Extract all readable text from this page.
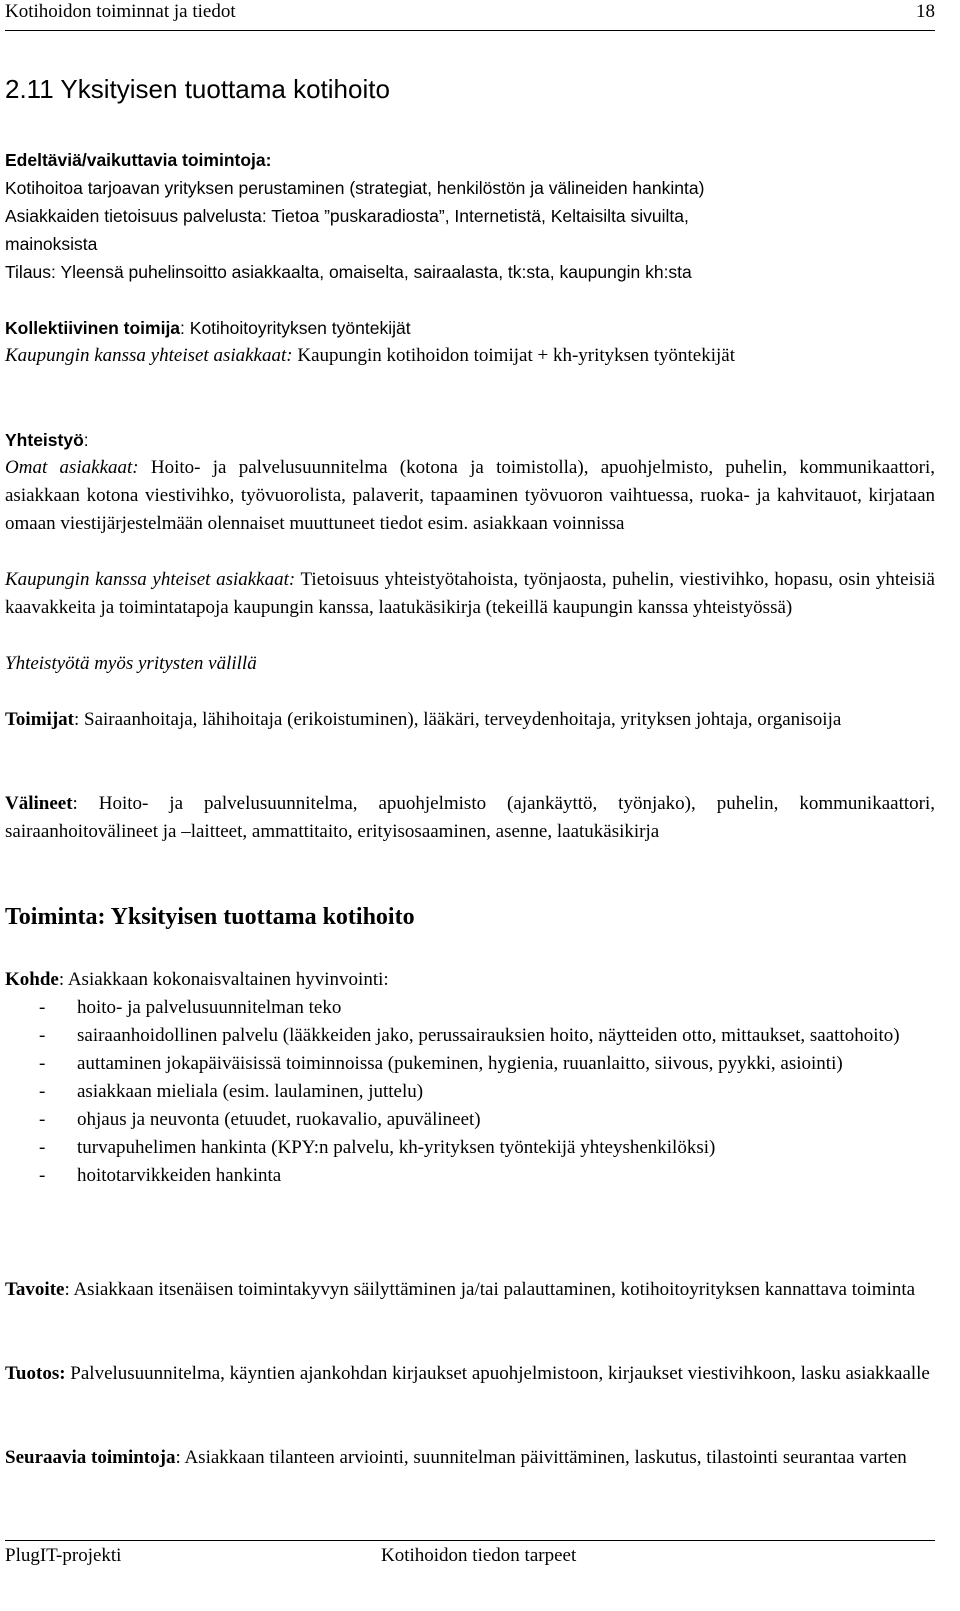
Kotihoidon toiminnat ja tiedot	18
2.11 Yksityisen tuottama kotihoito
Edeltäviä/vaikuttavia toimintoja:
Kotihoitoa tarjoavan yrityksen perustaminen (strategiat, henkilöstön ja välineiden hankinta)
Asiakkaiden tietoisuus palvelusta: Tietoa ”puskaradiosta”, Internetistä, Keltaisilta sivuilta,
mainoksista
Tilaus: Yleensä puhelinsoitto asiakkaalta, omaiselta, sairaalasta, tk:sta, kaupungin kh:sta
Kollektiivinen toimija: Kotihoitoyrityksen työntekijät
Kaupungin kanssa yhteiset asiakkaat: Kaupungin kotihoidon toimijat + kh-yrityksen työntekijät
Yhteistyö:
Omat asiakkaat: Hoito- ja palvelusuunnitelma (kotona ja toimistolla), apuohjelmisto, puhelin, kommunikaattori, asiakkaan kotona viestivihko, työvuorolista, palaverit, tapaaminen työvuoron vaihtuessa, ruoka- ja kahvitauot, kirjataan omaan viestijärjestelmään olennaiset muuttuneet tiedot esim. asiakkaan voinnissa
Kaupungin kanssa yhteiset asiakkaat: Tietoisuus yhteistyötahoista, työnjaosta, puhelin, viestivihko, hopasu, osin yhteisiä kaavakkeita ja toimintatapoja kaupungin kanssa, laatukäsikirja (tekeillä kaupungin kanssa yhteistyössä)
Yhteistyötä myös yritysten välillä
Toimijat: Sairaanhoitaja, lähihoitaja (erikoistuminen), lääkäri, terveydenhoitaja, yrityksen johtaja, organisoija
Välineet: Hoito- ja palvelusuunnitelma, apuohjelmisto (ajankäyttö, työnjako), puhelin, kommunikaattori, sairaanhoitovälineet ja –laitteet, ammattitaito, erityisosaaminen, asenne, laatukäsikirja
Toiminta: Yksityisen tuottama kotihoito
Kohde: Asiakkaan kokonaisvaltainen hyvinvointi:
- hoito- ja palvelusuunnitelman teko
- sairaanhoidollinen palvelu (lääkkeiden jako, perussairauksien hoito, näytteiden otto, mittaukset, saattohoito)
- auttaminen jokapäiväisissä toiminnoissa (pukeminen, hygienia, ruuanlaitto, siivous, pyykki, asiointi)
- asiakkaan mieliala (esim. laulaminen, juttelu)
- ohjaus ja neuvonta (etuudet, ruokavalio, apuvälineet)
- turvapuhelimen hankinta (KPY:n palvelu, kh-yrityksen työntekijä yhteyshenkilöksi)
- hoitotarvikkeiden hankinta
Tavoite: Asiakkaan itsenäisen toimintakyvyn säilyttäminen ja/tai palauttaminen, kotihoitoyrityksen kannattava toiminta
Tuotos: Palvelusuunnitelma, käyntien ajankohdan kirjaukset apuohjelmistoon, kirjaukset viestivihkoon, lasku asiakkaalle
Seuraavia toimintoja: Asiakkaan tilanteen arviointi, suunnitelman päivittäminen, laskutus, tilastointi seurantaa varten
PlugIT-projekti	Kotihoidon tiedon tarpeet
